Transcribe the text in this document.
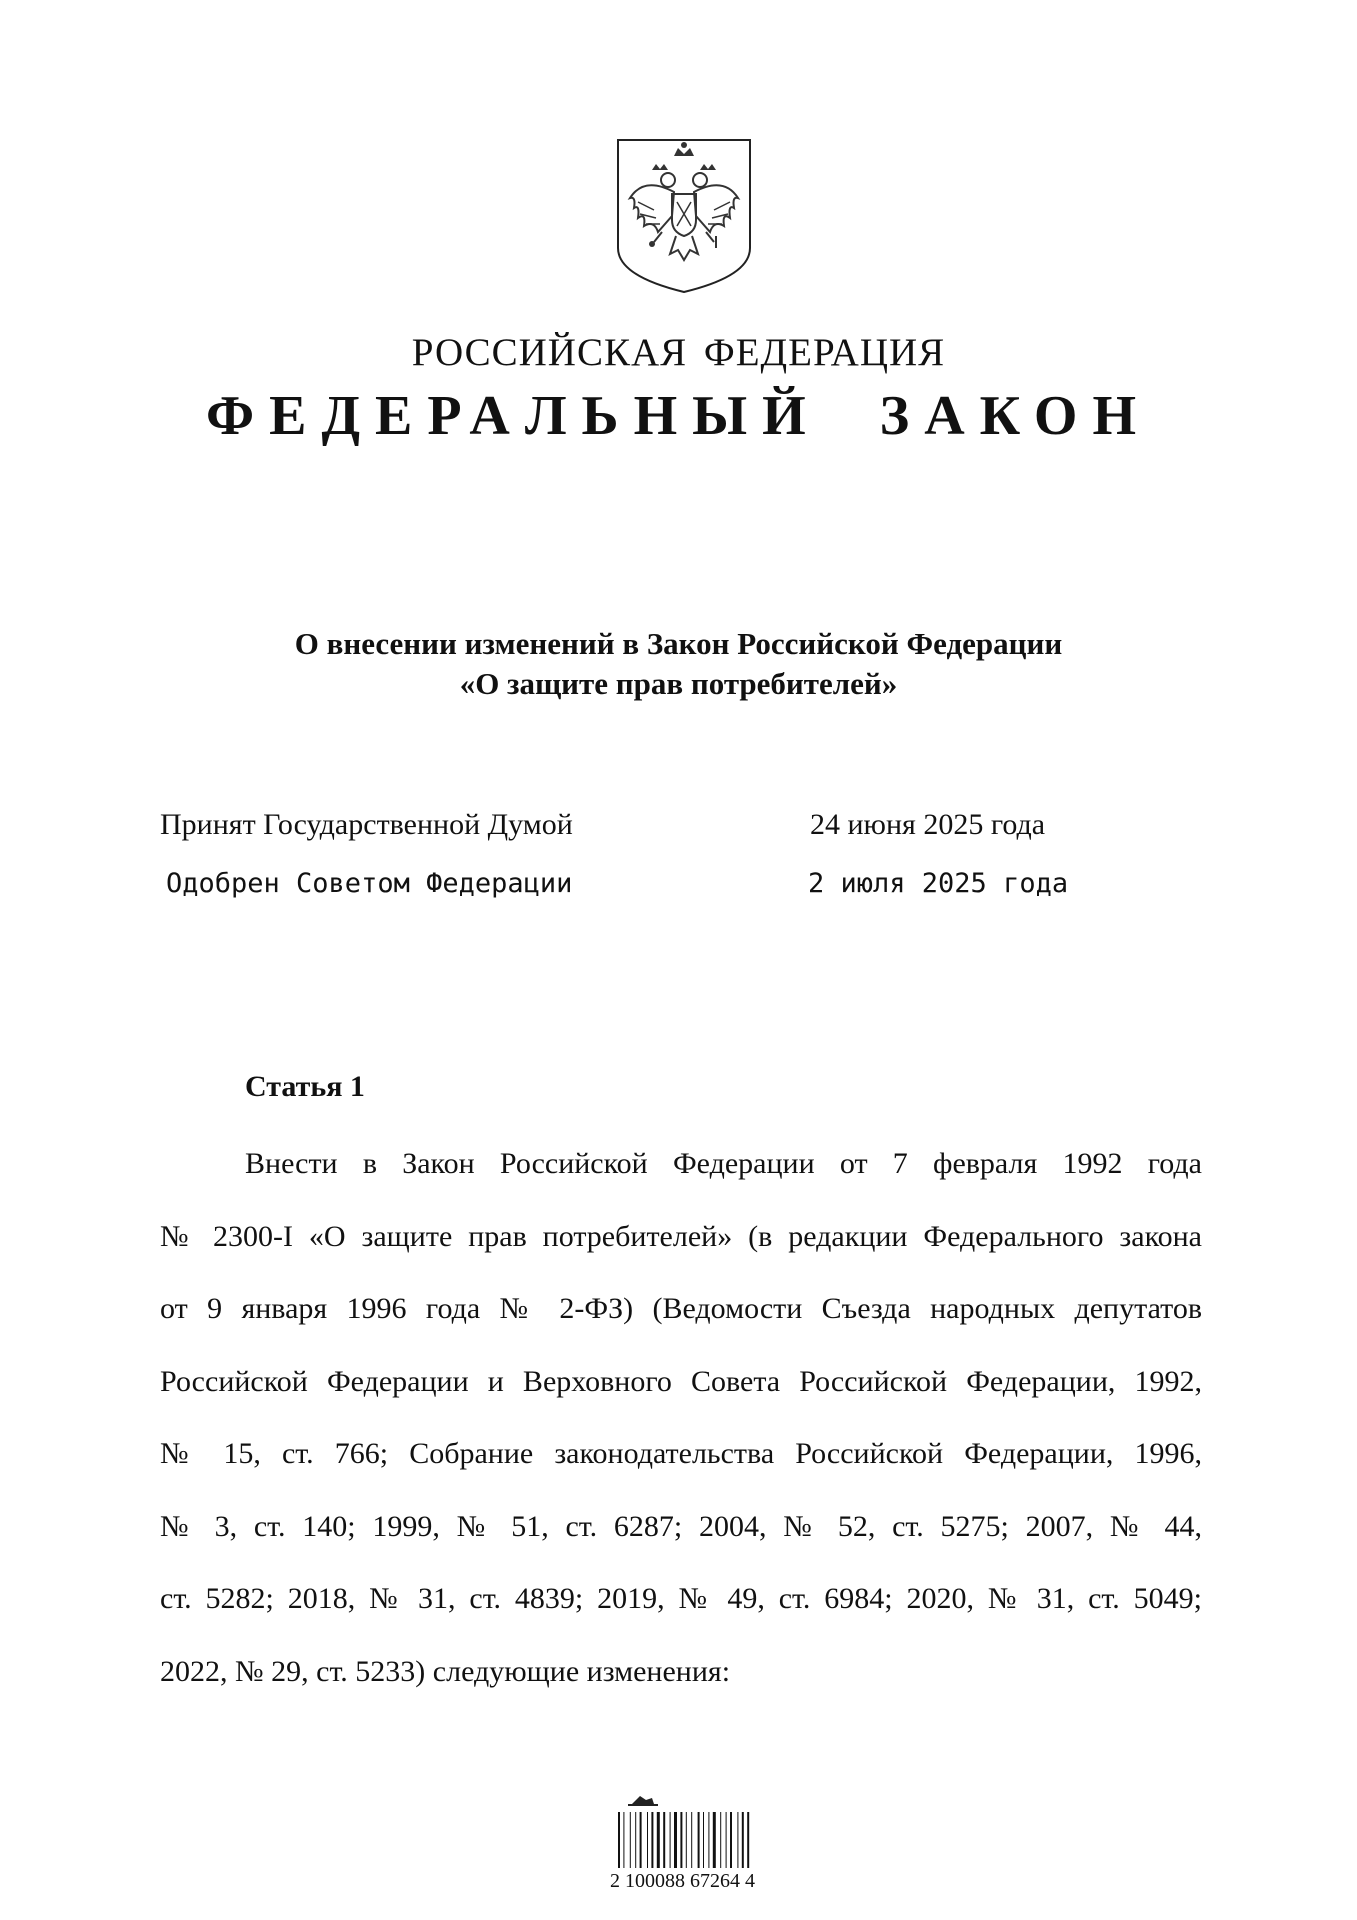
РОССИЙСКАЯ ФЕДЕРАЦИЯ
ФЕДЕРАЛЬНЫЙ ЗАКОН
О внесении изменений в Закон Российской Федерации
«О защите прав потребителей»
Принят Государственной Думой	24 июня 2025 года
Одобрен Советом Федерации	2 июля 2025 года
Статья 1
Внести в Закон Российской Федерации от 7 февраля 1992 года
№ 2300-I «О защите прав потребителей» (в редакции Федерального закона
от 9 января 1996 года № 2-ФЗ) (Ведомости Съезда народных депутатов
Российской Федерации и Верховного Совета Российской Федерации, 1992,
№ 15, ст. 766; Собрание законодательства Российской Федерации, 1996,
№ 3, ст. 140; 1999, № 51, ст. 6287; 2004, № 52, ст. 5275; 2007, № 44,
ст. 5282; 2018, № 31, ст. 4839; 2019, № 49, ст. 6984; 2020, № 31, ст. 5049;
2022, № 29, ст. 5233) следующие изменения:
2 100088 67264 4
